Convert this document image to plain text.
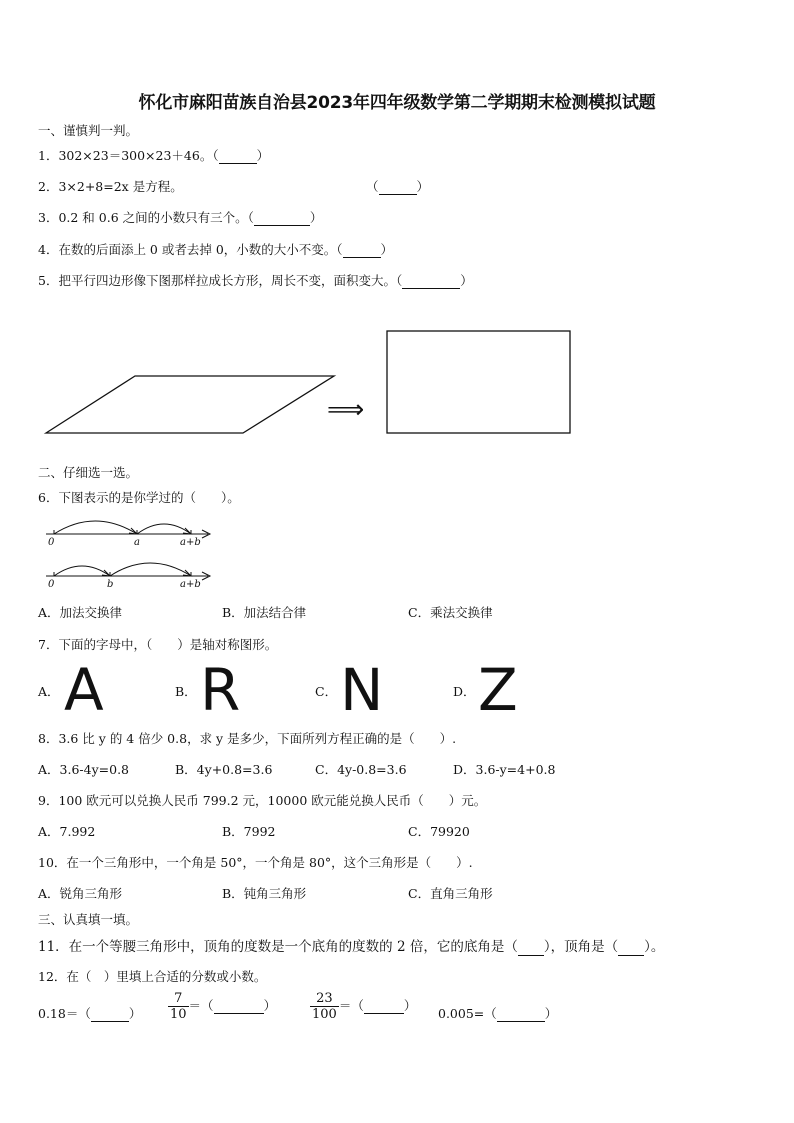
怀化市麻阳苗族自治县2023年四年级数学第二学期期末检测模拟试题
一、谨慎判一判。
1．302×23＝300×23＋46。（	）
2．3×2+8=2x 是方程。	（	）
3．0.2 和 0.6 之间的小数只有三个。（	）
4．在数的后面添上 0 或者去掉 0，小数的大小不变。（	）
5．把平行四边形像下图那样拉成长方形，周长不变，面积变大。（	）
⟹
二、仔细选一选。
6．下图表示的是你学过的（　　）。
0	a	a+b
0	b	a+b
A．加法交换律	B．加法结合律	C．乘法交换律
7．下面的字母中，（　　）是轴对称图形。
A． A	B． R	C． N	D． Z
8．3.6 比 y 的 4 倍少 0.8，求 y 是多少，下面所列方程正确的是（　　）.
A．3.6-4y=0.8	B．4y+0.8=3.6	C．4y-0.8=3.6	D．3.6-y=4+0.8
9．100 欧元可以兑换人民币 799.2 元，10000 欧元能兑换人民币（　　）元。
A．7.992	B．7992	C．79920
10．在一个三角形中，一个角是 50°，一个角是 80°，这个三角形是（　　）.
A．锐角三角形	B．钝角三角形	C．直角三角形
三、认真填一填。
11．在一个等腰三角形中，顶角的度数是一个底角的度数的 2 倍，它的底角是（ ），顶角是（ ）。
12．在（　）里填上合适的分数或小数。
0.18＝（	） $\frac{7}{10}$ ＝（	）	$\frac{23}{100}$ ＝（	）
0.005=（	）
